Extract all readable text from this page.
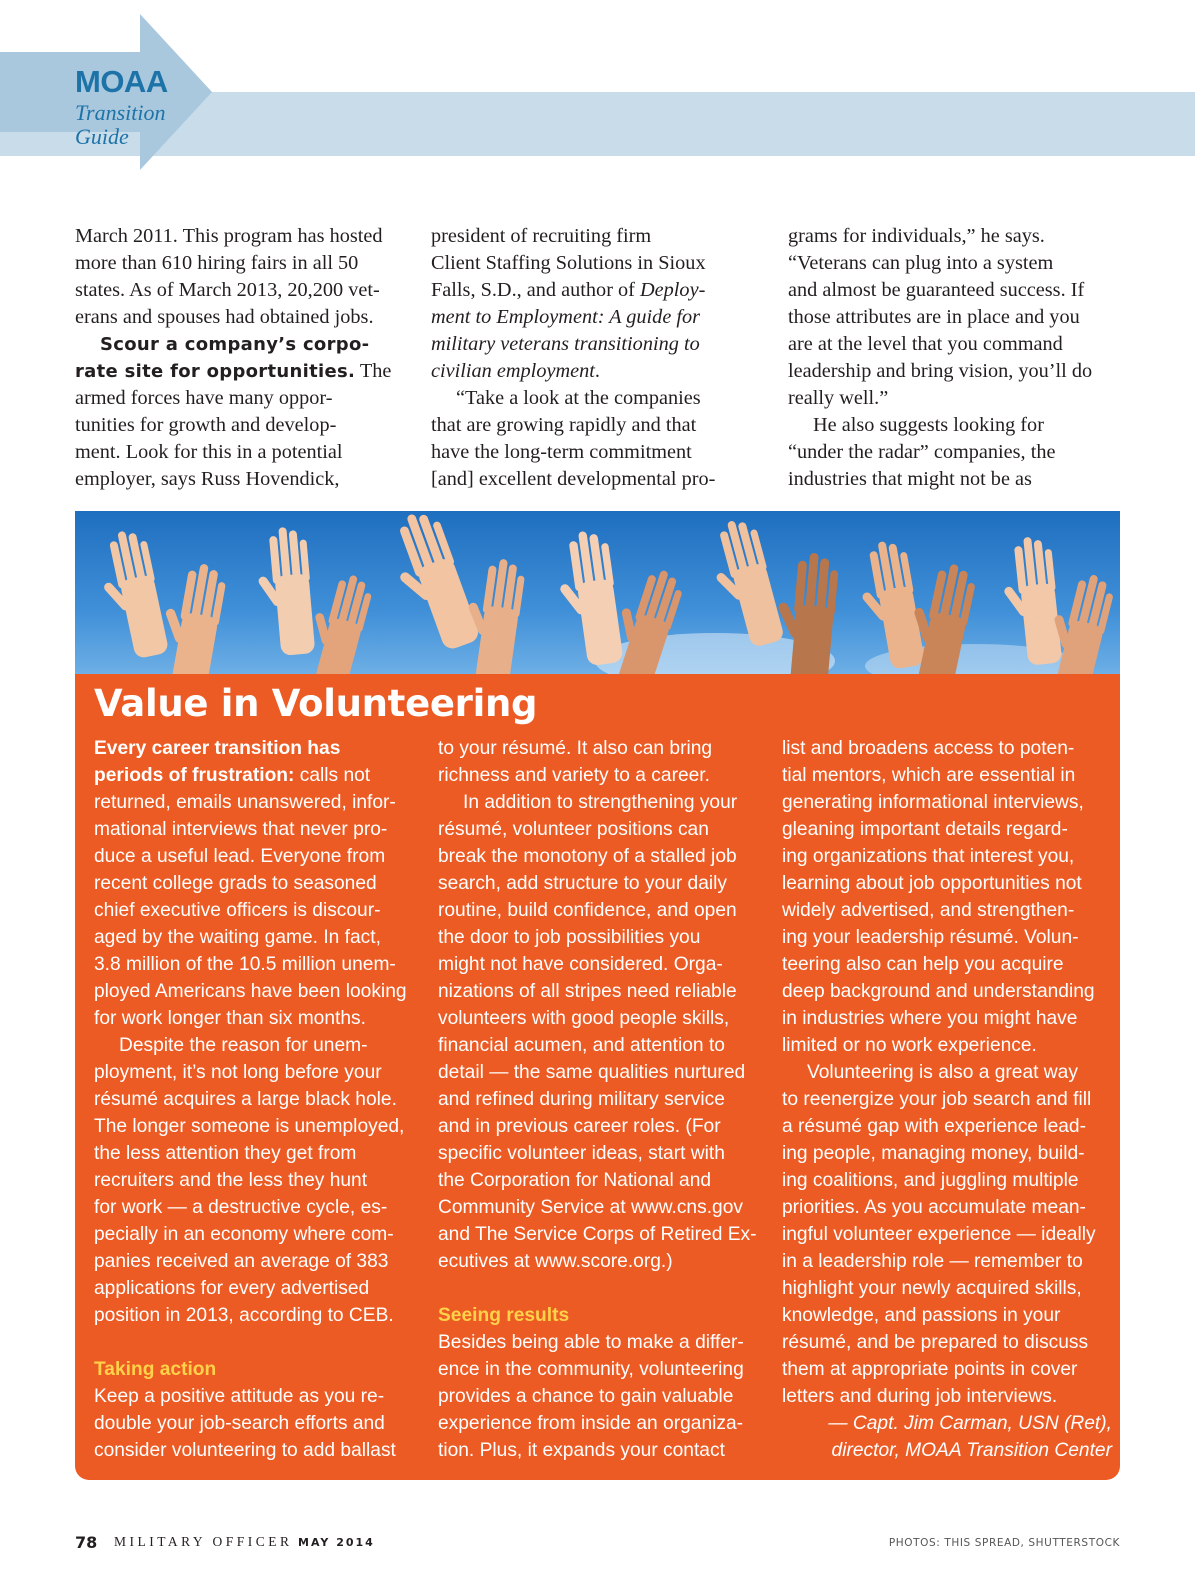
MOAA
Transition
Guide
March 2011. This program has hosted
more than 610 hiring fairs in all 50
states. As of March 2013, 20,200 vet-
erans and spouses had obtained jobs.
Scour a company’s corpo-
rate site for opportunities. The
armed forces have many oppor-
tunities for growth and develop-
ment. Look for this in a potential
employer, says Russ Hovendick,
president of recruiting firm
Client Staffing Solutions in Sioux
Falls, S.D., and author of Deploy-
ment to Employment: A guide for
military veterans transitioning to
civilian employment.
“Take a look at the companies
that are growing rapidly and that
have the long-term commitment
[and] excellent developmental pro-
grams for individuals,” he says.
“Veterans can plug into a system
and almost be guaranteed success. If
those attributes are in place and you
are at the level that you command
leadership and bring vision, you’ll do
really well.”
He also suggests looking for
“under the radar” companies, the
industries that might not be as
Value in Volunteering
Every career transition has
periods of frustration: calls not
returned, emails unanswered, infor-
mational interviews that never pro-
duce a useful lead. Everyone from
recent college grads to seasoned
chief executive officers is discour-
aged by the waiting game. In fact,
3.8 million of the 10.5 million unem-
ployed Americans have been looking
for work longer than six months.
Despite the reason for unem-
ployment, it’s not long before your
résumé acquires a large black hole.
The longer someone is unemployed,
the less attention they get from
recruiters and the less they hunt
for work — a destructive cycle, es-
pecially in an economy where com-
panies received an average of 383
applications for every advertised
position in 2013, according to CEB.
Taking action
Keep a positive attitude as you re-
double your job-search efforts and
consider volunteering to add ballast
to your résumé. It also can bring
richness and variety to a career.
In addition to strengthening your
résumé, volunteer positions can
break the monotony of a stalled job
search, add structure to your daily
routine, build confidence, and open
the door to job possibilities you
might not have considered. Orga-
nizations of all stripes need reliable
volunteers with good people skills,
financial acumen, and attention to
detail — the same qualities nurtured
and refined during military service
and in previous career roles. (For
specific volunteer ideas, start with
the Corporation for National and
Community Service at www.cns.gov
and The Service Corps of Retired Ex-
ecutives at www.score.org.)
Seeing results
Besides being able to make a differ-
ence in the community, volunteering
provides a chance to gain valuable
experience from inside an organiza-
tion. Plus, it expands your contact
list and broadens access to poten-
tial mentors, which are essential in
generating informational interviews,
gleaning important details regard-
ing organizations that interest you,
learning about job opportunities not
widely advertised, and strengthen-
ing your leadership résumé. Volun-
teering also can help you acquire
deep background and understanding
in industries where you might have
limited or no work experience.
Volunteering is also a great way
to reenergize your job search and fill
a résumé gap with experience lead-
ing people, managing money, build-
ing coalitions, and juggling multiple
priorities. As you accumulate mean-
ingful volunteer experience — ideally
in a leadership role — remember to
highlight your newly acquired skills,
knowledge, and passions in your
résumé, and be prepared to discuss
them at appropriate points in cover
letters and during job interviews.
— Capt. Jim Carman, USN (Ret),
director, MOAA Transition Center
78 MILITARY OFFICER MAY 2014	PHOTOS: THIS SPREAD, SHUTTERSTOCK
